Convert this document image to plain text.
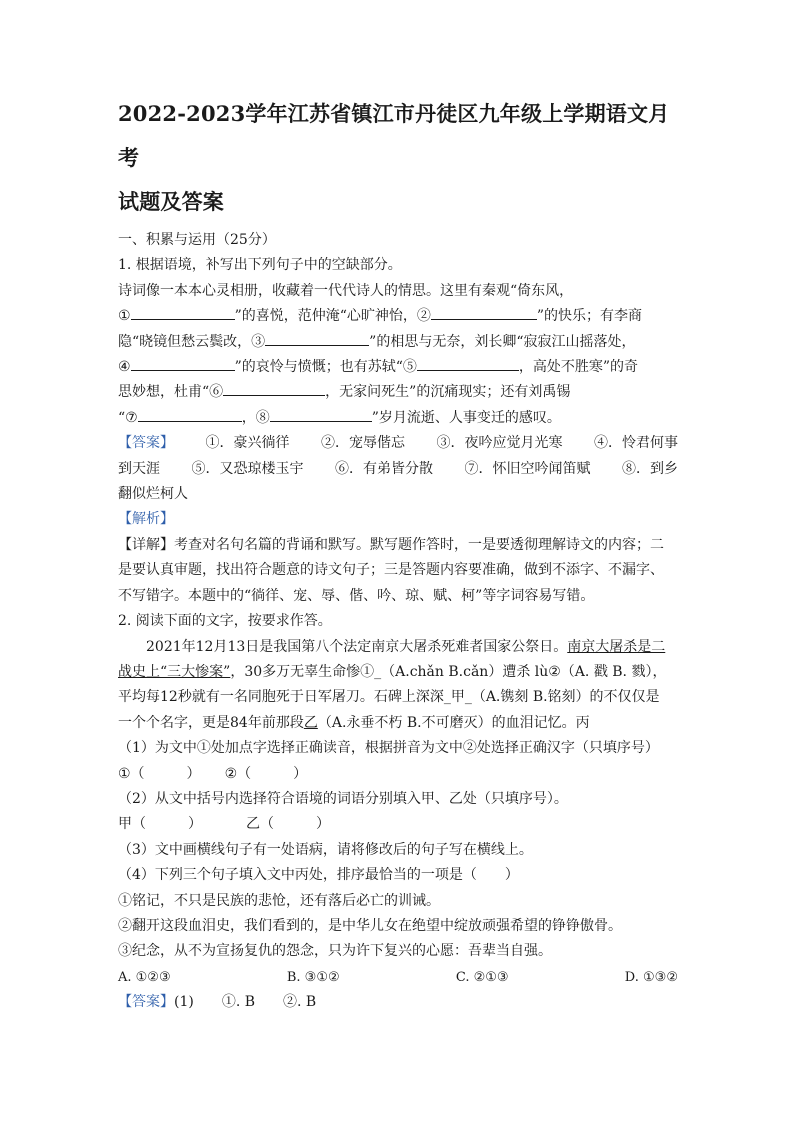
2022-2023学年江苏省镇江市丹徒区九年级上学期语文月考
试题及答案

一、积累与运用（25分）

1. 根据语境，补写出下列句子中的空缺部分。

诗词像一本本心灵相册，收藏着一代代诗人的情思。这里有秦观“倚东风，

①	”的喜悦，范仲淹“心旷神怡，②	”的快乐；有李商

隐“晓镜但愁云鬓改，③	”的相思与无奈，刘长卿“寂寂江山摇落处，

④	”的哀怜与愤慨；也有苏轼“⑤	，高处不胜寒”的奇

思妙想，杜甫“⑥	，无家问死生”的沉痛现实；还有刘禹锡

“⑦	，⑧	”岁月流逝、人事变迁的感叹。

【答案】 ①．豪兴徜徉 ②．宠辱偕忘 ③．夜吟应觉月光寒 ④．怜君何事

到天涯 ⑤．又恐琼楼玉宇 ⑥．有弟皆分散 ⑦．怀旧空吟闻笛赋 ⑧．到乡

翻似烂柯人

【解析】

【详解】考查对名句名篇的背诵和默写。默写题作答时，一是要透彻理解诗文的内容；二

是要认真审题，找出符合题意的诗文句子；三是答题内容要准确，做到不添字、不漏字、

不写错字。本题中的“徜徉、宠、辱、偕、吟、琼、赋、柯”等字词容易写错。

2. 阅读下面的文字，按要求作答。

2021年12月13日是我国第八个法定南京大屠杀死难者国家公祭日。南京大屠杀是二

战史上“三大惨案”，30多万无辜生命惨①_（A.chǎn B.cǎn）遭杀 lù②（A. 戳 B. 戮），

平均每12秒就有一名同胞死于日军屠刀。石碑上深深_甲_（A.镌刻 B.铭刻）的不仅仅是

一个个名字，更是84年前那段乙（A.永垂不朽 B.不可磨灭）的血泪记忆。丙

（1）为文中①处加点字选择正确读音，根据拼音为文中②处选择正确汉字（只填序号）

①（　　　） ②（　　　）

（2）从文中括号内选择符合语境的词语分别填入甲、乙处（只填序号）。

甲（　　　）	乙（　　　）

（3）文中画横线句子有一处语病，请将修改后的句子写在横线上。

（4）下列三个句子填入文中丙处，排序最恰当的一项是（　　）

①铭记，不只是民族的悲怆，还有落后必亡的训诫。

②翻开这段血泪史，我们看到的，是中华儿女在绝望中绽放顽强希望的铮铮傲骨。

③纪念，从不为宣扬复仇的怨念，只为许下复兴的心愿：吾辈当自强。

A. ①②③	B. ③①②	C. ②①③	D. ①③②

【答案】(1)　　①. B　　②. B
